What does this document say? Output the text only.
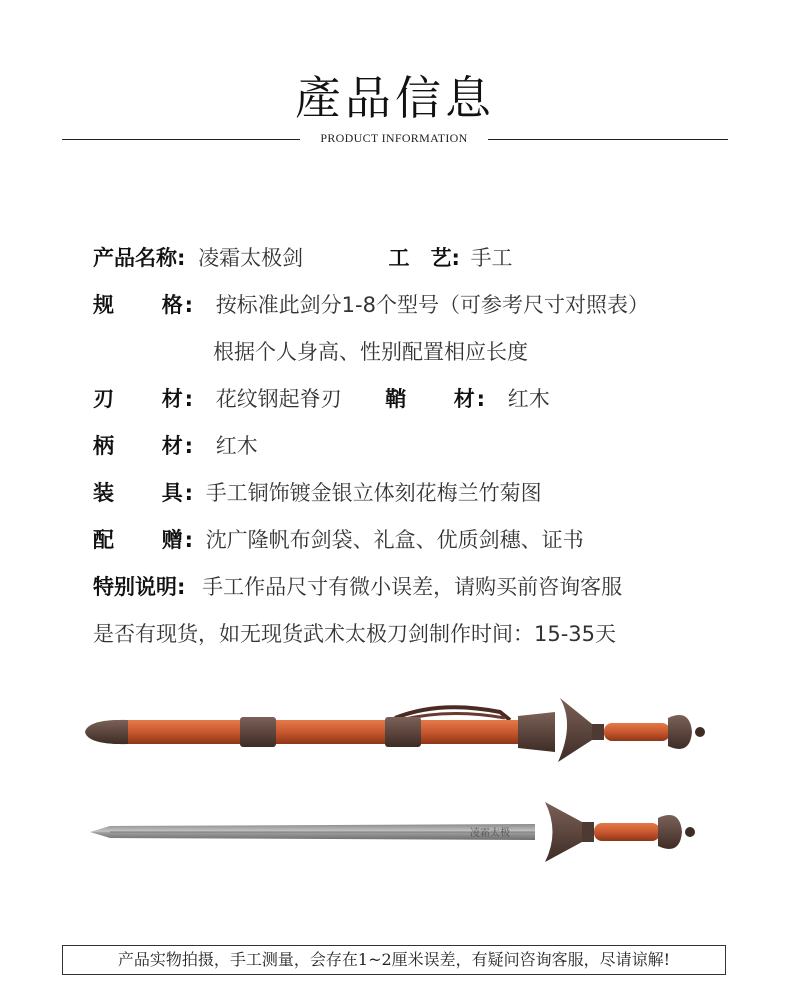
產品信息
PRODUCT INFORMATION
产品名称: 凌霜太极剑	工　艺: 手工
规　　格: 按标准此剑分1-8个型号（可参考尺寸对照表）
根据个人身高、性别配置相应长度
刃　　材: 花纹钢起脊刃 鞘　　材: 红木
柄　　材: 红木
装　　具: 手工铜饰镀金银立体刻花梅兰竹菊图
配　　赠: 沈广隆帆布剑袋、礼盒、优质剑穗、证书
特别说明: 手工作品尺寸有微小误差，请购买前咨询客服
是否有现货，如无现货武术太极刀剑制作时间：15-35天
凌霜太极
产品实物拍摄，手工测量，会存在1~2厘米误差，有疑问咨询客服，尽请谅解!
